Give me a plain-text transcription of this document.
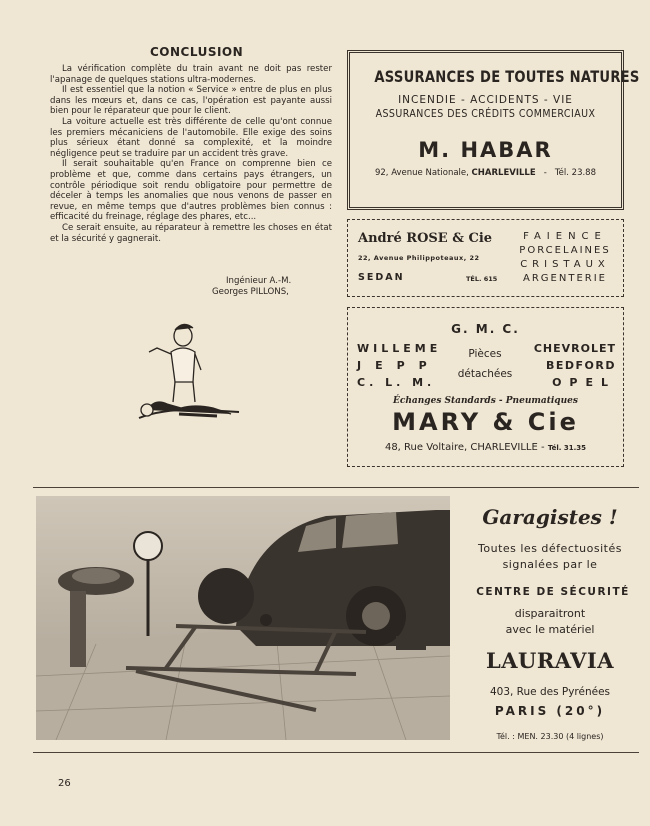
CONCLUSION

La vérification complète du train avant ne doit pas rester l'apanage de quelques stations ultra-modernes.

Il est essentiel que la notion « Service » entre de plus en plus dans les mœurs et, dans ce cas, l'opération est payante aussi bien pour le réparateur que pour le client.

La voiture actuelle est très différente de celle qu'ont connue les premiers mécaniciens de l'automobile. Elle exige des soins plus sérieux étant donné sa complexité, et la moindre négligence peut se traduire par un accident très grave.

Il serait souhaitable qu'en France on comprenne bien ce problème et que, comme dans certains pays étrangers, un contrôle périodique soit rendu obligatoire pour permettre de déceler à temps les anomalies que nous venons de passer en revue, en même temps que d'autres problèmes bien connus : efficacité du freinage, réglage des phares, etc...

Ce serait ensuite, au réparateur à remettre les choses en état et la sécurité y gagnerait.

Ingénieur A.-M.
Georges PILLONS,
ASSURANCES DE TOUTES NATURES
INCENDIE - ACCIDENTS - VIE
ASSURANCES DES CRÉDITS COMMERCIAUX
M. HABAR
92, Avenue Nationale, CHARLEVILLE - Tél. 23.88
André ROSE & Cie
22, Avenue Philippoteaux, 22
SEDAN	TÉL. 615
FAIENCE
PORCELAINES
CRISTAUX
ARGENTERIE
G. M. C.
WILLEME
JEPP
C. L. M.
Pièces
détachées
CHEVROLET
BEDFORD
OPEL
Échanges Standards - Pneumatiques
MARY & Cie
48, Rue Voltaire, CHARLEVILLE - Tél. 31.35
Garagistes !
Toutes les défectuosités
signalées par le
CENTRE DE SÉCURITÉ
disparaitront
avec le matériel
LAURAVIA
403, Rue des Pyrénées
PARIS (20°)
Tél. : MEN. 23.30 (4 lignes)
26
